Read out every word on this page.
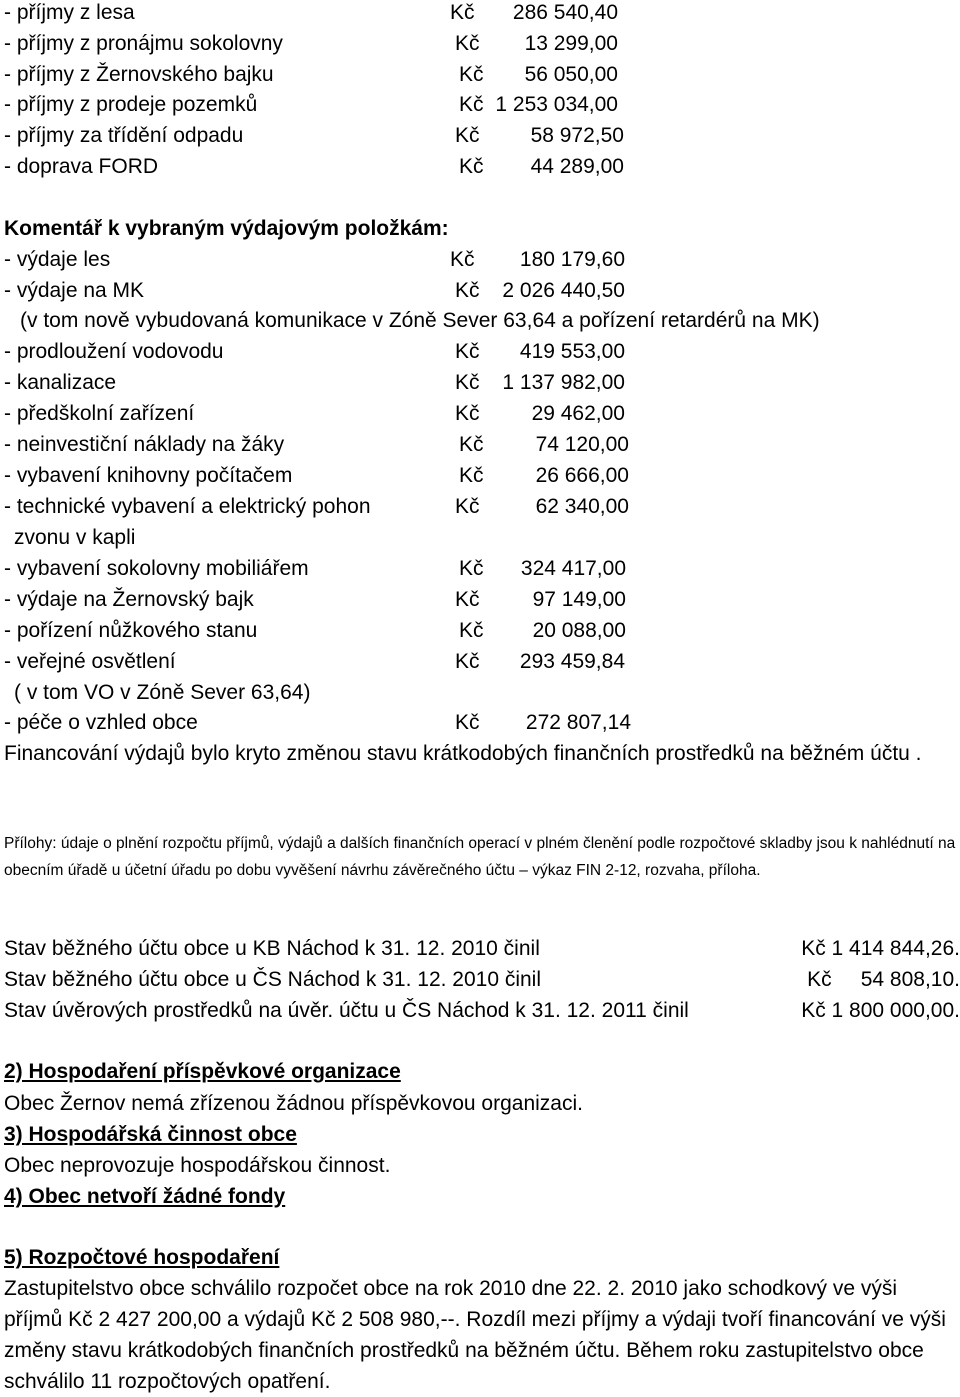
- příjmy z lesa	Kč	286 540,40
- příjmy z pronájmu sokolovny	Kč	13 299,00
- příjmy z Žernovského bajku	Kč	56 050,00
- příjmy z prodeje pozemků	Kč 1 253 034,00
- příjmy za třídění odpadu	Kč	58 972,50
- doprava FORD	Kč	44 289,00
Komentář k vybraným výdajovým položkám:
- výdaje les	Kč	180 179,60
- výdaje na MK	Kč	2 026 440,50
(v tom nově vybudovaná komunikace v Zóně Sever 63,64 a pořízení retardérů na MK)
- prodloužení vodovodu	Kč	419 553,00
- kanalizace	Kč	1 137 982,00
- předškolní zařízení	Kč	29 462,00
- neinvestiční náklady na žáky	Kč	74 120,00
- vybavení knihovny počítačem	Kč	26 666,00
- technické vybavení a elektrický pohon	Kč	62 340,00
zvonu v kapli
- vybavení sokolovny mobiliářem	Kč	324 417,00
- výdaje na Žernovský bajk	Kč	97 149,00
- pořízení nůžkového stanu	Kč	20 088,00
- veřejné osvětlení	Kč	293 459,84
( v tom VO v Zóně Sever 63,64)
- péče o vzhled obce	Kč	272 807,14
Financování výdajů bylo kryto změnou stavu krátkodobých finančních prostředků na běžném účtu .
Přílohy: údaje o plnění rozpočtu příjmů, výdajů a dalších finančních operací v plném členění podle rozpočtové skladby jsou k nahlédnutí na obecním úřadě u účetní úřadu po dobu vyvěšení návrhu závěrečného účtu – výkaz FIN 2-12, rozvaha, příloha.
Stav běžného účtu obce u KB Náchod k 31. 12. 2010 činil	Kč 1 414 844,26.
Stav běžného účtu obce u ČS Náchod k 31. 12. 2010 činil	Kč     54 808,10.
Stav úvěrových prostředků na úvěr. účtu u ČS Náchod k 31. 12. 2011 činil	Kč 1 800 000,00.
2) Hospodaření příspěvkové organizace
Obec Žernov nemá zřízenou žádnou příspěvkovou organizaci.
3) Hospodářská činnost obce
Obec neprovozuje hospodářskou činnost.
4) Obec netvoří žádné fondy
5) Rozpočtové hospodaření
Zastupitelstvo obce schválilo rozpočet obce na rok 2010 dne 22. 2. 2010 jako schodkový ve výši příjmů Kč 2 427 200,00 a výdajů Kč 2 508 980,--. Rozdíl mezi příjmy a výdaji tvoří financování ve výši změny stavu krátkodobých finančních prostředků na běžném účtu. Během roku zastupitelstvo obce schválilo 11 rozpočtových opatření.
